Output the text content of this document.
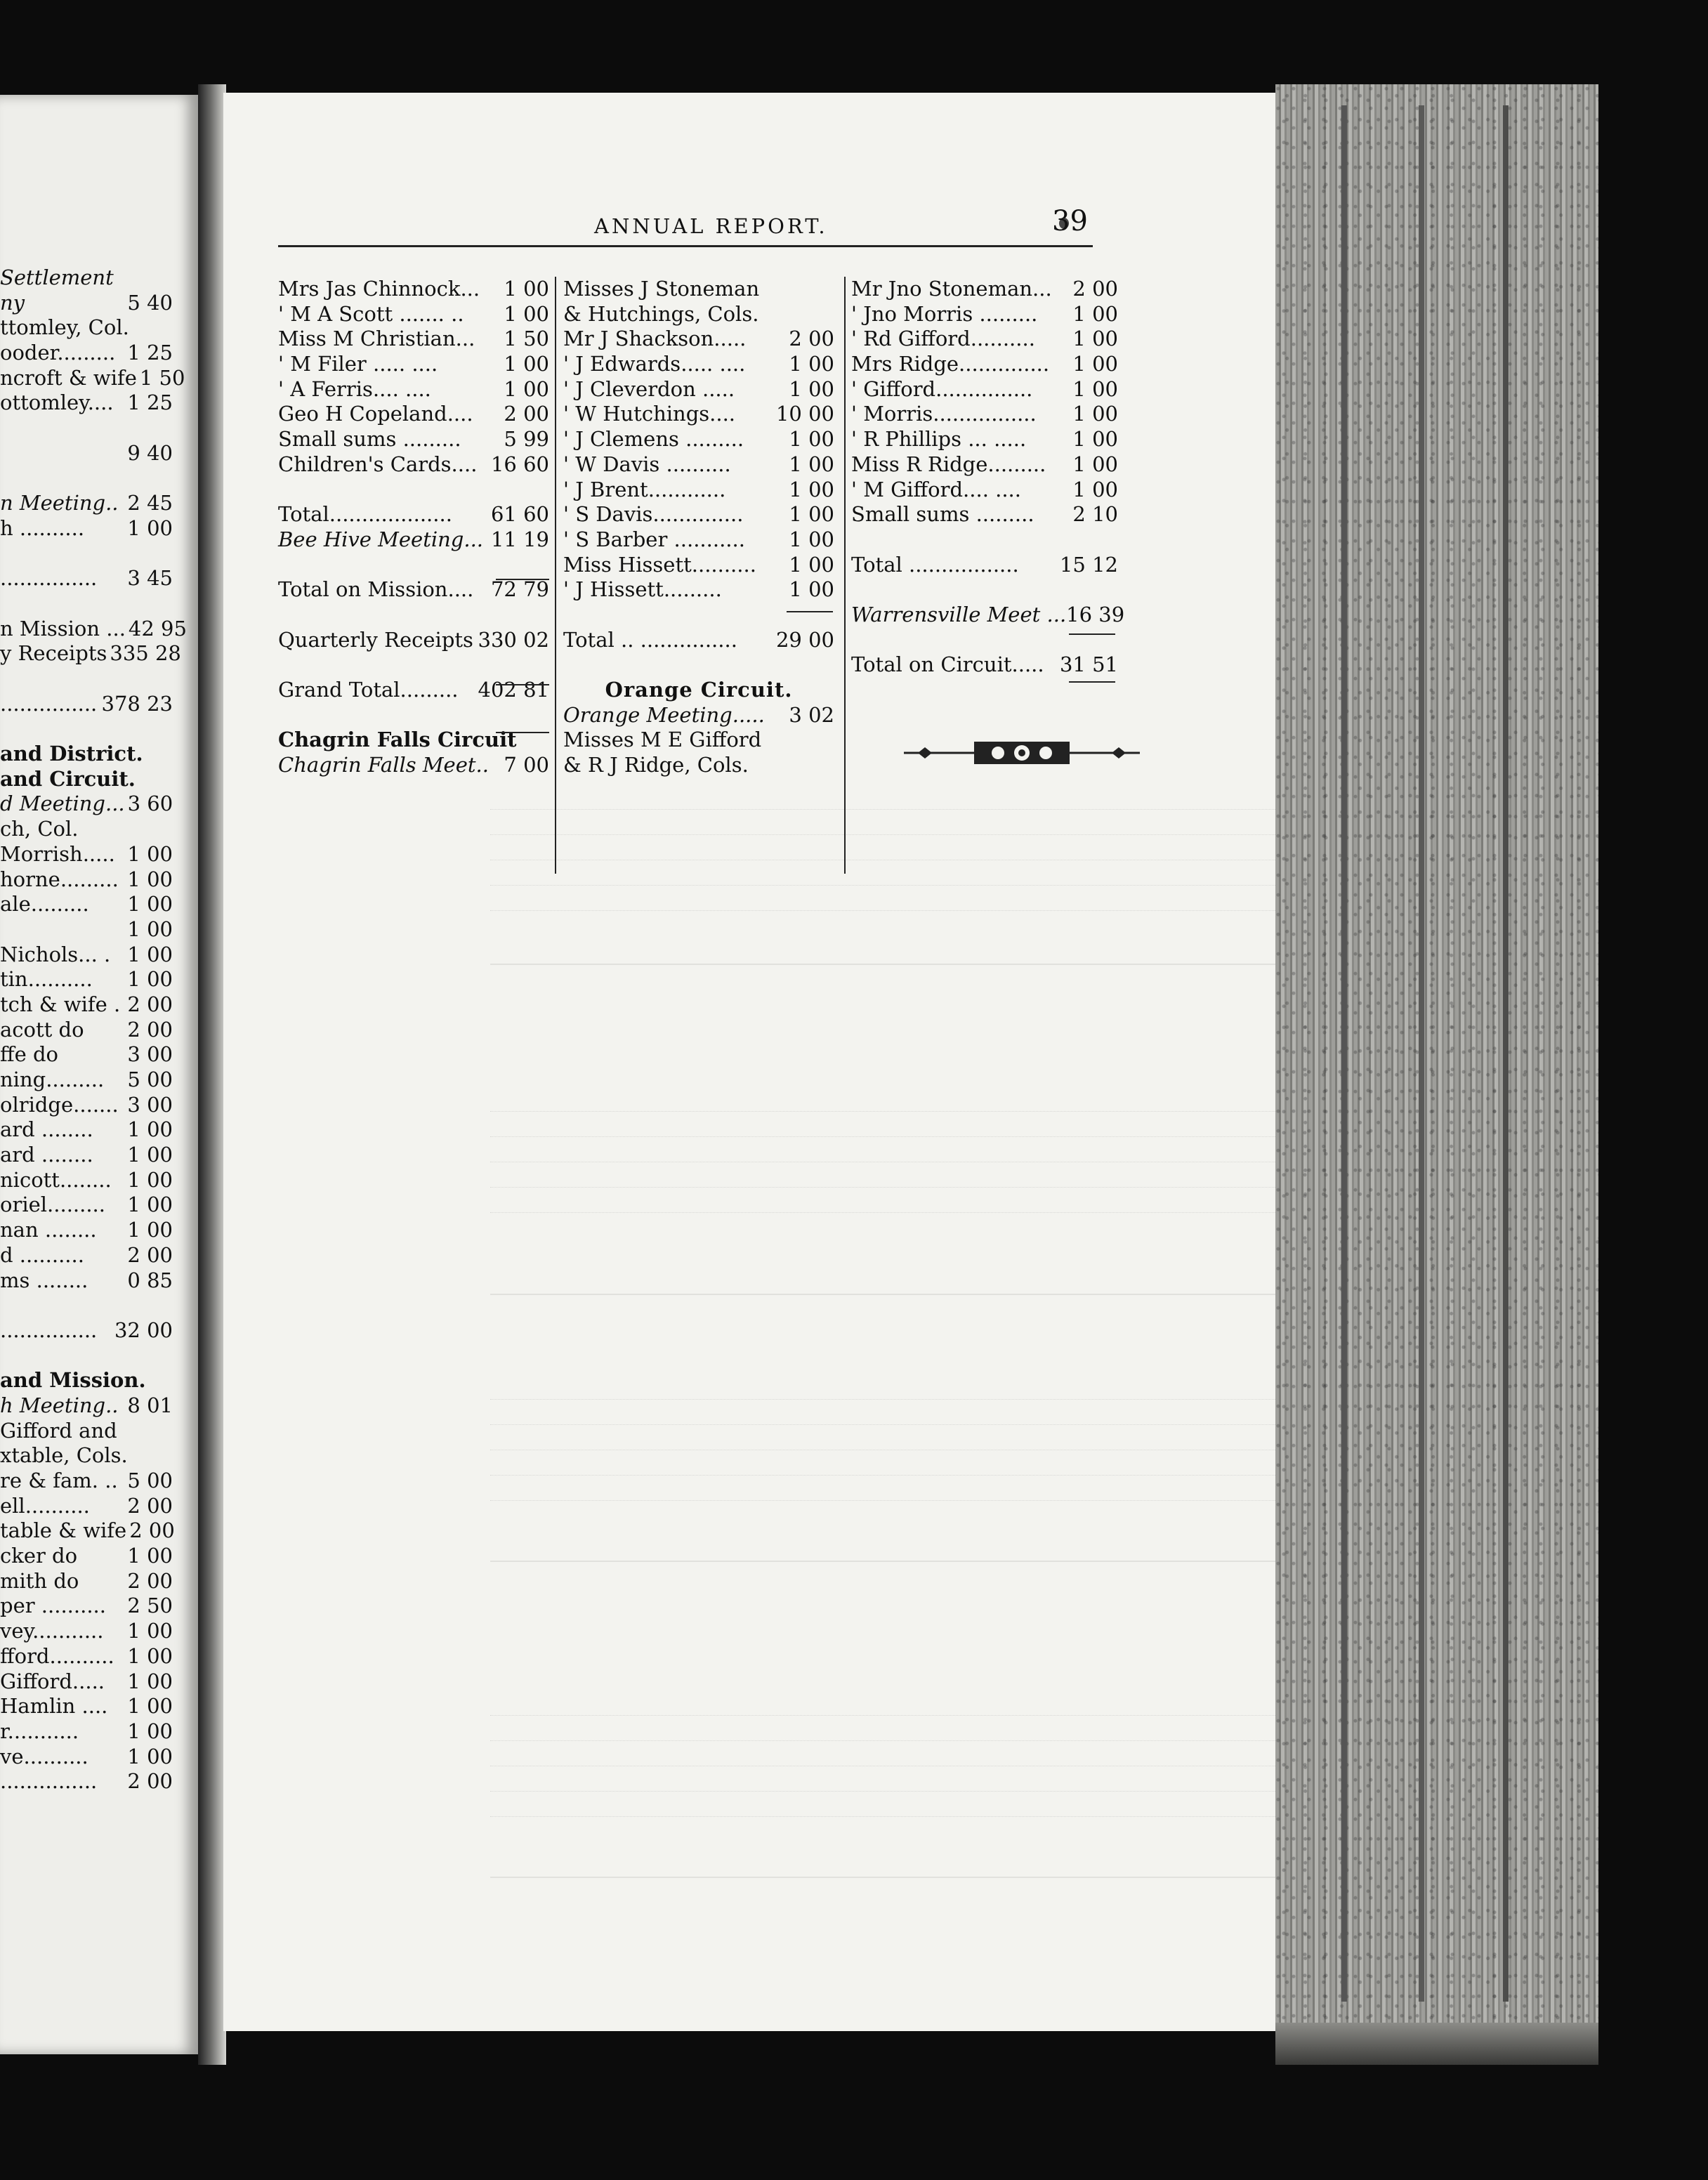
Settlement
ny	5 40
ttomley, Col.
ooder......... 1 25
ncroft & wife 1 50
ottomley.... 1 25
9 40
n Meeting.. 2 45
h .......... 1 00
............... 3 45
n Mission ... 42 95
y Receipts 335 28
............... 378 23
and District.
and Circuit.
d Meeting... 3 60
ch, Col.
Morrish..... 1 00
horne......... 1 00
ale......... 1 00
1 00
Nichols... . 1 00
tin.......... 1 00
tch & wife . 2 00
acott do 2 00
ffe do	3 00
ning......... 5 00
olridge....... 3 00
ard ........ 1 00
ard ........ 1 00
nicott........ 1 00
oriel......... 1 00
nan ........ 1 00
d .......... 2 00
ms ........ 0 85
............... 32 00
and Mission.
h Meeting.. 8 01
Gifford and
xtable, Cols.
re & fam. .. 5 00
ell.......... 2 00
table & wife 2 00
cker do 1 00
mith do 2 00
per .......... 2 50
vey........... 1 00
fford.......... 1 00
Gifford..... 1 00
Hamlin .... 1 00
r........... 1 00
ve.......... 1 00
............... 2 00
ANNUAL REPORT.	39
Mrs Jas Chinnock...	1 00
' M A Scott ....... ..	1 00
Miss M Christian...	1 50
' M Filer ..... ....	1 00
' A Ferris.... ....	1 00
Geo H Copeland....	2 00
Small sums .........	5 99
Children's Cards.... 16 60
Total...................	61 60
Bee Hive Meeting... 11 19
Total on Mission.... 72 79
Quarterly Receipts 330 02
Grand Total......... 402 81
Chagrin Falls Circuit
Chagrin Falls Meet.. 7 00
Misses J Stoneman
& Hutchings, Cols.
Mr J Shackson.....	2 00
' J Edwards..... ....	1 00
' J Cleverdon .....	1 00
' W Hutchings....	10 00
' J Clemens .........	1 00
' W Davis ..........	1 00
' J Brent............	1 00
' S Davis..............	1 00
' S Barber ...........	1 00
Miss Hissett..........	1 00
' J Hissett.........	1 00
Total .. ...............	29 00
Orange Circuit.
Orange Meeting.....	3 02
Misses M E Gifford
& R J Ridge, Cols.
Mr Jno Stoneman...	2 00
' Jno Morris .........	1 00
' Rd Gifford..........	1 00
Mrs Ridge..............	1 00
' Gifford...............	1 00
' Morris................	1 00
' R Phillips ... .....	1 00
Miss R Ridge.........	1 00
' M Gifford.... ....	1 00
Small sums .........	2 10
Total .................	15 12
Warrensville Meet ... 16 39
Total on Circuit..... 31 51
